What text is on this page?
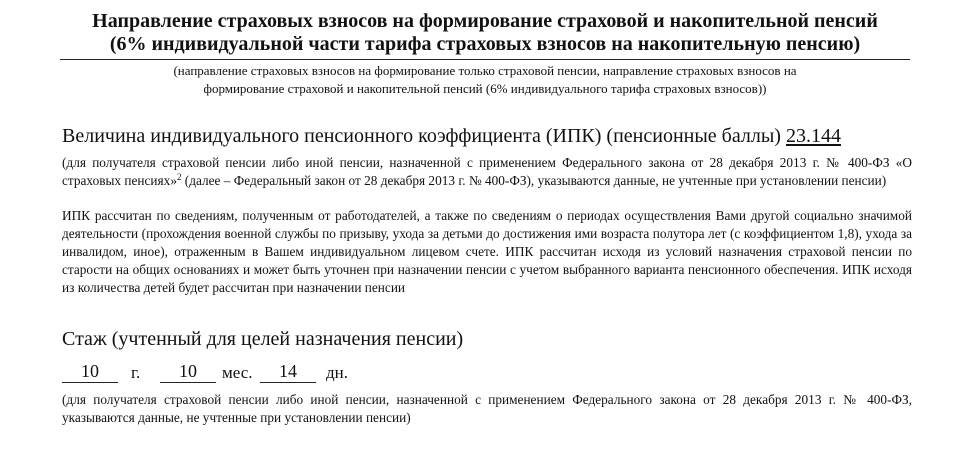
Направление страховых взносов на формирование страховой и накопительной пенсий
(6% индивидуальной части тарифа страховых взносов на накопительную пенсию)
(направление страховых взносов на формирование только страховой пенсии, направление страховых взносов на
формирование страховой и накопительной пенсий (6% индивидуального тарифа страховых взносов))
Величина индивидуального пенсионного коэффициента (ИПК) (пенсионные баллы) 23.144
(для получателя страховой пенсии либо иной пенсии, назначенной с применением Федерального закона от 28 декабря 2013 г. № 400-ФЗ «О страховых пенсиях»$^2$ (далее – Федеральный закон от 28 декабря 2013 г. № 400-ФЗ), указываются данные, не учтенные при установлении пенсии)
ИПК рассчитан по сведениям, полученным от работодателей, а также по сведениям о периодах осуществления Вами другой социально значимой деятельности (прохождения военной службы по призыву, ухода за детьми до достижения ими возраста полутора лет (с коэффициентом 1,8), ухода за инвалидом, иное), отраженным в Вашем индивидуальном лицевом счете. ИПК рассчитан исходя из условий назначения страховой пенсии по старости на общих основаниях и может быть уточнен при назначении пенсии с учетом выбранного варианта пенсионного обеспечения. ИПК исходя из количества детей будет рассчитан при назначении пенсии
Стаж (учтенный для целей назначения пенсии)
10	г.	10	мес.	14	дн.
(для получателя страховой пенсии либо иной пенсии, назначенной с применением Федерального закона от 28 декабря 2013 г. № 400-ФЗ, указываются данные, не учтенные при установлении пенсии)
